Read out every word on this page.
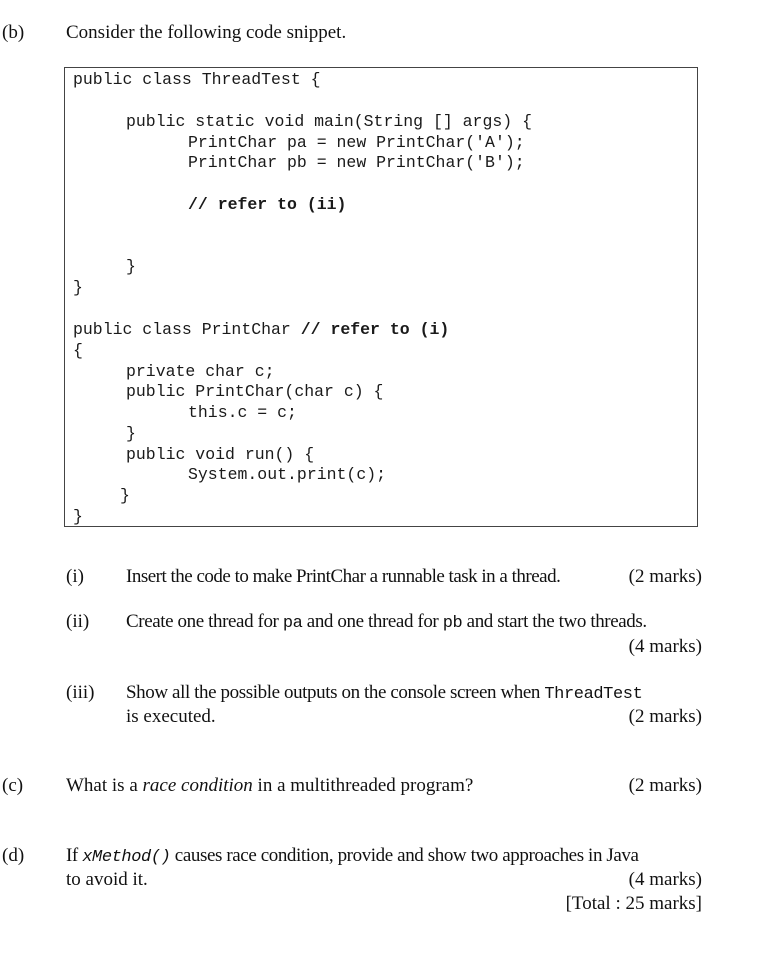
(b) Consider the following code snippet.
public class ThreadTest {
public static void main(String [] args) {
PrintChar pa = new PrintChar('A');
PrintChar pb = new PrintChar('B');
// refer to (ii)
}
}
public class PrintChar // refer to (i)
{
private char c;
public PrintChar(char c) {
this.c = c;
}
public void run() {
System.out.print(c);
}
}
(i) Insert the code to make PrintChar a runnable task in a thread.	(2 marks)
(ii) Create one thread for pa and one thread for pb and start the two threads.
(4 marks)
(iii) Show all the possible outputs on the console screen when ThreadTest
is executed.	(2 marks)
(c) What is a race condition in a multithreaded program?	(2 marks)
(d) If xMethod() causes race condition, provide and show two approaches in Java
to avoid it.	(4 marks)
[Total : 25 marks]
